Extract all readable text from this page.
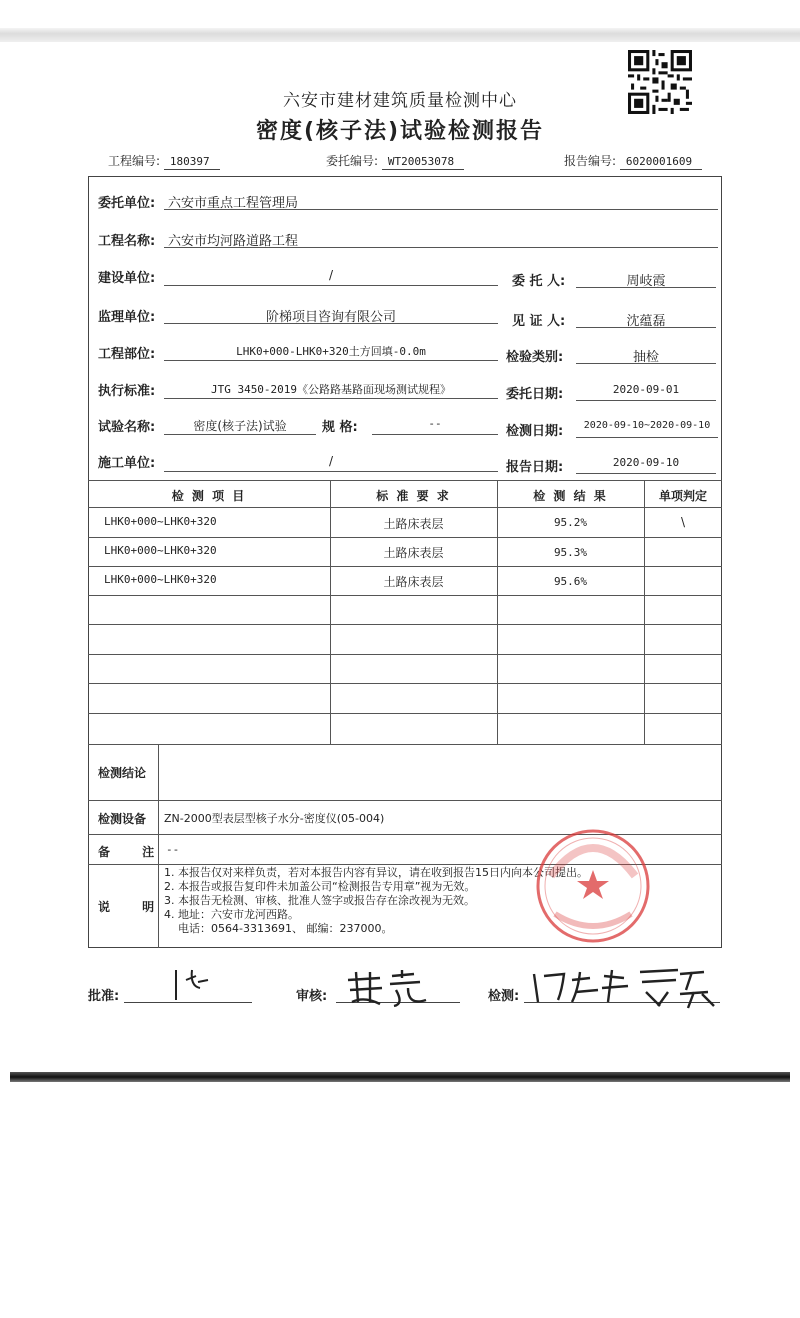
六安市建材建筑质量检测中心
密度(核子法)试验检测报告
工程编号: 180397	委托编号: WT20053078	报告编号: 6020001609
委托单位: 六安市重点工程管理局
工程名称: 六安市均河路道路工程
建设单位:	/	委 托 人:	周岐霞
监理单位:	阶梯项目咨询有限公司	见 证 人:	沈蕴磊
工程部位:	LHK0+000-LHK0+320土方回填-0.0m	检验类别:	抽检
执行标准:	JTG 3450-2019《公路路基路面现场测试规程》	委托日期:	2020-09-01
试验名称:	密度(核子法)试验	规 格:	--
检测日期:	2020-09-10~2020-09-10
施工单位:	/	报告日期:	2020-09-10
检 测 项 目	标 准 要 求	检 测 结 果	单项判定
LHK0+000~LHK0+320	土路床表层	95.2%	\
LHK0+000~LHK0+320	土路床表层	95.3%
LHK0+000~LHK0+320	土路床表层	95.6%
检测结论
检测设备 ZN-2000型表层型核子水分-密度仪(05-004)
备 注
--
说 明
1. 本报告仅对来样负责，若对本报告内容有异议，请在收到报告15日内向本公司提出。
2. 本报告或报告复印件未加盖公司“检测报告专用章”视为无效。
3. 本报告无检测、审核、批准人签字或报告存在涂改视为无效。
4. 地址：六安市龙河西路。
电话：0564-3313691、 邮编：237000。
批准:	审核:	检测:
